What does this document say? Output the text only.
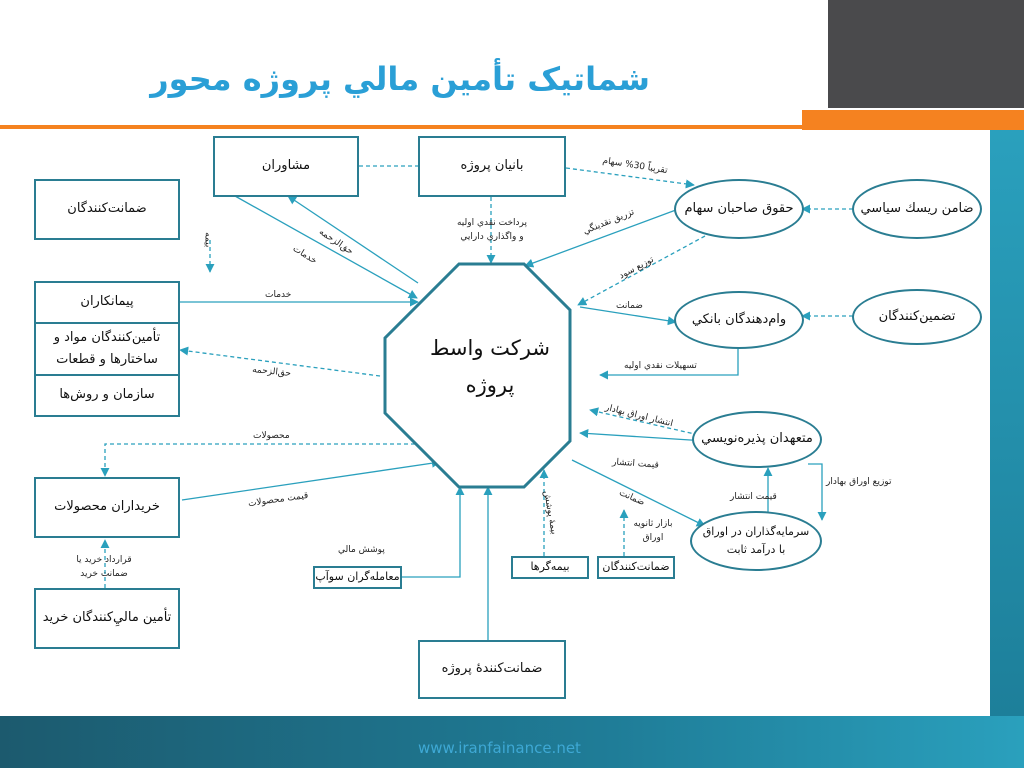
شماتيک تأمين مالي پروژه محور
شرکت واسط
پروژه
مشاوران	بانيان پروژه
ضمانت‌کنندگان
پيمانکاران
تأمين‌کنندگان مواد و ساختارها و قطعات
سازمان و روش‌ها
خريداران محصولات
تأمين ماليِ‌کنندگان خريد
معامله‌گران سوآپ
بيمه‌گرها	ضمانت‌کنندگان
ضمانت‌کنندۀ پروژه
حقوق صاحبان سهام	ضامن ريسك سياسي
وام‌دهندگان بانكي	تضمين‌كنندگان
متعهدان پذيره‌نويسي
سرمايه‌گذاران در اوراق با درآمد ثابت
تقريباً 30% سهام
تزريق نقدينگي
توزيع سود
پرداخت نقدي اوليه
و واگذاري دارايي
حق‌الزحمه
خدمات
بيمه
خدمات
حق‌الزحمه
محصولات
قيمت محصولات
قرارداد خريد يا
ضمانت خريد
ضمانت
تسهيلات نقدي اوليه
انتشار اوراق بهادار
قيمت انتشار
قيمت انتشار
توزيع اوراق بهادار
ضمانت
بازار ثانويه
اوراق
بيمۀ پوشش
پوشش مالي
www.iranfainance.net
